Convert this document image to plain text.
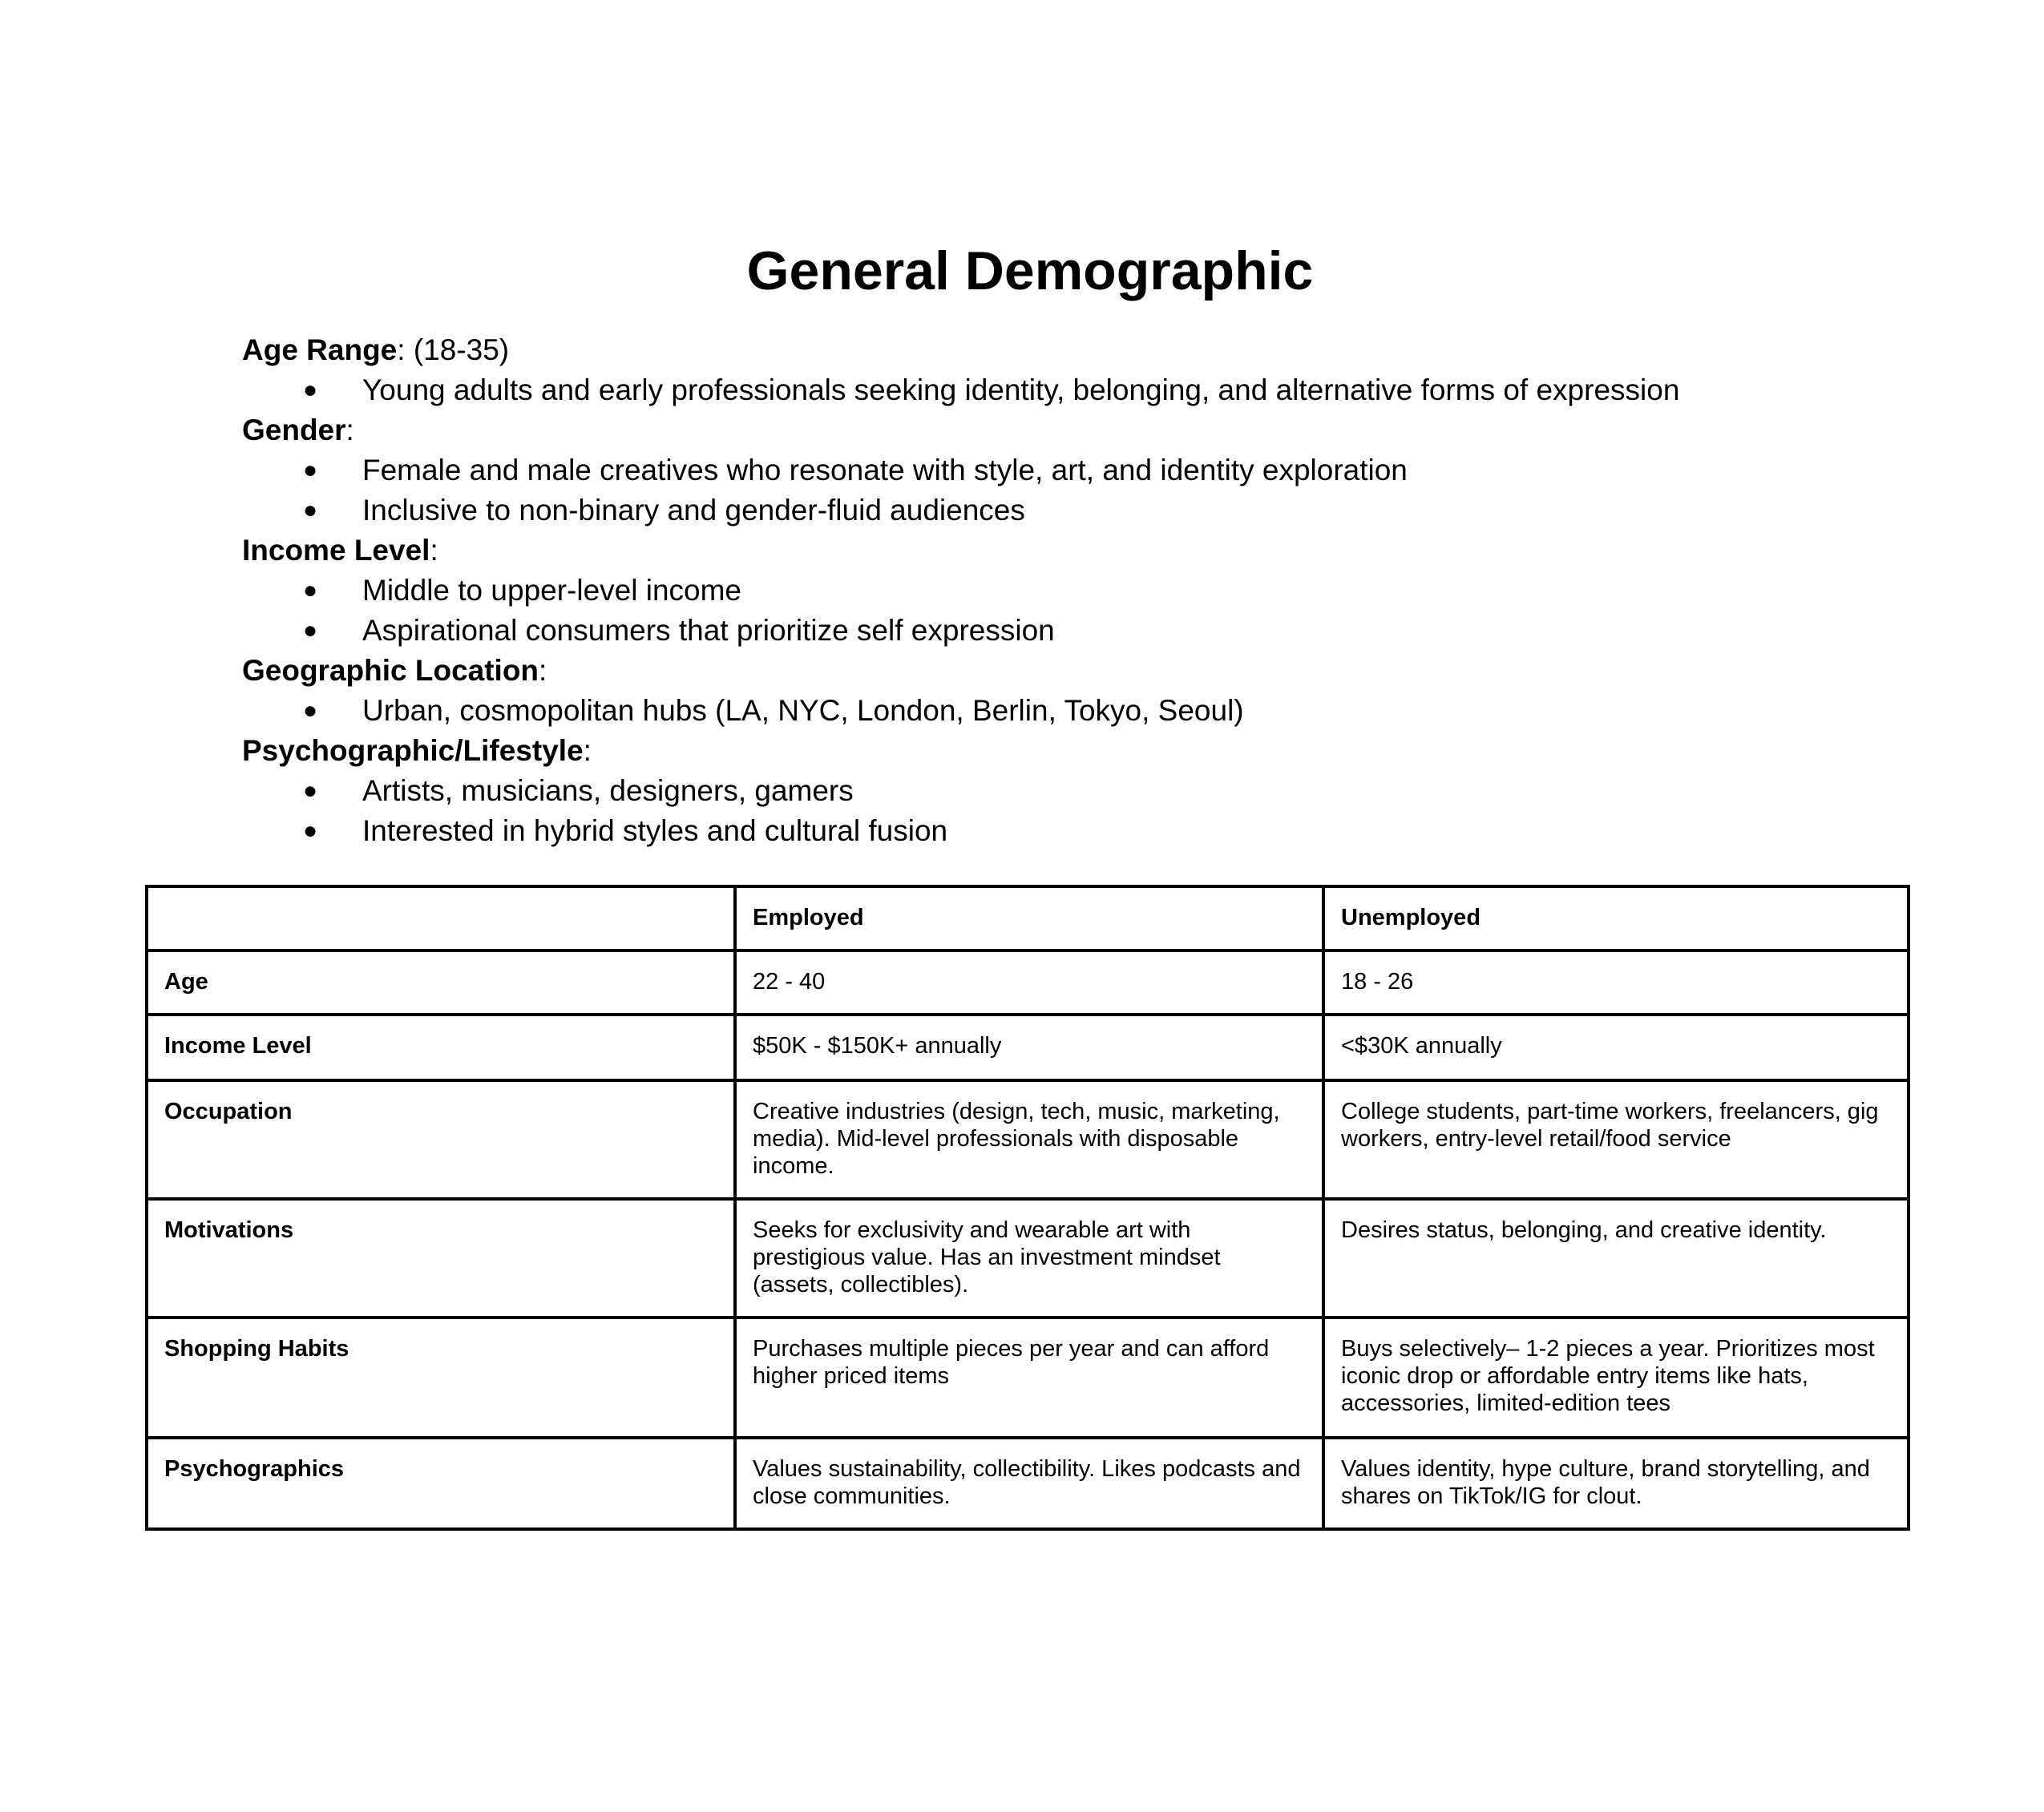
General Demographic

Age Range: (18-35)

● Young adults and early professionals seeking identity, belonging, and alternative forms of expression

Gender:

● Female and male creatives who resonate with style, art, and identity exploration
● Inclusive to non-binary and gender-fluid audiences

Income Level:

● Middle to upper-level income
● Aspirational consumers that prioritize self expression

Geographic Location:

● Urban, cosmopolitan hubs (LA, NYC, London, Berlin, Tokyo, Seoul)

Psychographic/Lifestyle:

● Artists, musicians, designers, gamers
● Interested in hybrid styles and cultural fusion
	Employed	Unemployed
Age	22 - 40	18 - 26
Income Level	$50K - $150K+ annually	<$30K annually
Occupation	Creative industries (design, tech, music, marketing, media). Mid-level professionals with disposable income.	College students, part-time workers, freelancers, gig workers, entry-level retail/food service
Motivations	Seeks for exclusivity and wearable art with prestigious value. Has an investment mindset (assets, collectibles).	Desires status, belonging, and creative identity.
Shopping Habits	Purchases multiple pieces per year and can afford higher priced items	Buys selectively– 1-2 pieces a year. Prioritizes most iconic drop or affordable entry items like hats, accessories, limited-edition tees
Psychographics	Values sustainability, collectibility. Likes podcasts and close communities.	Values identity, hype culture, brand storytelling, and shares on TikTok/IG for clout.
